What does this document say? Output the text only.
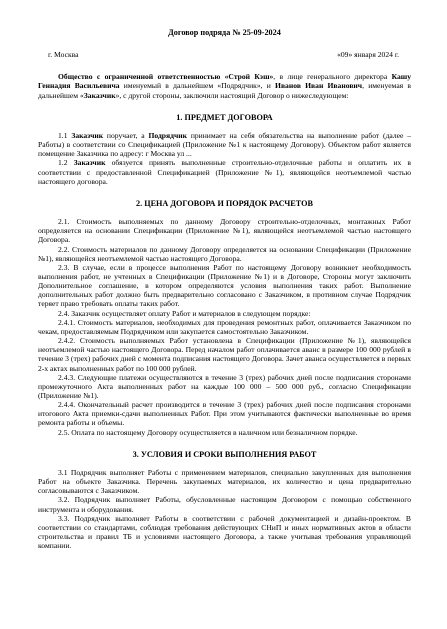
Договор подряда № 25-09-2024
г. Москва	«09» января 2024 г.

Общество с ограниченной ответственностью «Строй Кэш», в лице генерального директора Кашу Геннадия Васильевича именуемый в дальнейшем «Подрядчик», и Иванов Иван Иванович, именуемая в дальнейшем «Заказчик», с другой стороны, заключили настоящий Договор о нижеследующем:

1. ПРЕДМЕТ ДОГОВОРА

1.1 Заказчик поручает, а Подрядчик принимает на себя обязательства на выполнение работ (далее – Работы) в соответствии со Спецификацией (Приложение №1 к настоящему Договору). Объектом работ является помещение Заказчика по адресу: г Москва ул ...

1.2 Заказчик обязуется принять выполненные строительно-отделочные работы и оплатить их в соответствии с предоставленной Спецификацией (Приложение №1), являющейся неотъемлемой частью настоящего договора.

2. ЦЕНА ДОГОВОРА И ПОРЯДОК РАСЧЕТОВ

2.1. Стоимость выполняемых по данному Договору строительно-отделочных, монтажных Работ определяется на основании Спецификации (Приложение №1), являющейся неотъемлемой частью настоящего Договора.

2.2. Стоимость материалов по данному Договору определяется на основании Спецификации (Приложение №1), являющейся неотъемлемой частью настоящего Договора.

2.3. В случае, если в процессе выполнения Работ по настоящему Договору возникнет необходимость выполнения работ, не учтенных в Спецификации (Приложение №1) и в Договоре, Стороны могут заключить Дополнительное соглашение, в котором определяются условия выполнения таких работ. Выполнение дополнительных работ должно быть предварительно согласовано с Заказчиком, в противном случае Подрядчик теряет право требовать оплаты таких работ.

2.4. Заказчик осуществляет оплату Работ и материалов в следующем порядке:

2.4.1. Стоимость материалов, необходимых для проведения ремонтных работ, оплачивается Заказчиком по чекам, предоставляемым Подрядчиком или закупается самостоятельно Заказчиком.

2.4.2. Стоимость выполняемых Работ установлена в Спецификации (Приложение №1), являющейся неотъемлемой частью настоящего Договора. Перед началом работ оплачивается аванс в размере 100 000 рублей в течение 3 (трех) рабочих дней с момента подписания настоящего Договора. Зачет аванса осуществляется в первых 2-х актах выполненных работ по 100 000 рублей.

2.4.3. Следующие платежи осуществляются в течение 3 (трех) рабочих дней после подписания сторонами промежуточного Акта выполненных работ на каждые 100 000 – 500 000 руб., согласно Спецификации (Приложение №1).

2.4.4. Окончательный расчет производится в течение 3 (трех) рабочих дней после подписания сторонами итогового Акта приемки-сдачи выполненных Работ. При этом учитываются фактически выполненные во время ремонта работы и объемы.

2.5. Оплата по настоящему Договору осуществляется в наличном или безналичном порядке.

3. УСЛОВИЯ И СРОКИ ВЫПОЛНЕНИЯ РАБОТ

3.1 Подрядчик выполняет Работы с применением материалов, специально закупленных для выполнения Работ на объекте Заказчика. Перечень закупаемых материалов, их количество и цена предварительно согласовываются с Заказчиком.

3.2. Подрядчик выполняет Работы, обусловленные настоящим Договором с помощью собственного инструмента и оборудования.

3.3. Подрядчик выполняет Работы в соответствии с рабочей документацией и дизайн-проектом. В соответствии со стандартами, соблюдая требования действующих СНиП и иных нормативных актов в области строительства и правил ТБ и условиями настоящего Договора, а также учитывая требования управляющей компании.
